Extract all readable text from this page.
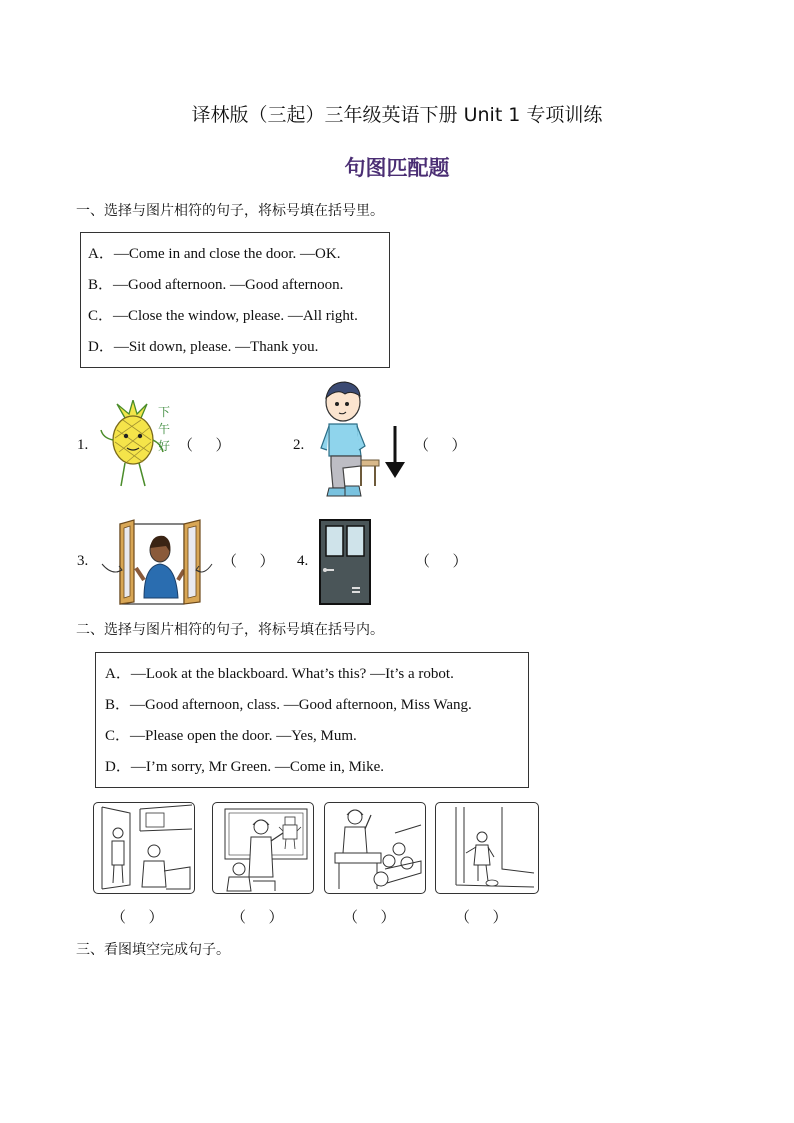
译林版（三起）三年级英语下册 Unit 1 专项训练
句图匹配题
一、选择与图片相符的句子，将标号填在括号里。
A．—Come in and close the door. —OK.
B．—Good afternoon. —Good afternoon.
C．—Close the window, please. —All right.
D．—Sit down, please. —Thank you.
1.
下
午
好 （      ）	2.	（      ）
3.	（      ） 4.	（      ）
二、选择与图片相符的句子，将标号填在括号内。
A．—Look at the blackboard. What’s this? —It’s a robot.
B．—Good afternoon, class. —Good afternoon, Miss Wang.
C．—Please open the door. —Yes, Mum.
D．—I’m sorry, Mr Green. —Come in, Mike.
（      ）	（      ）	（      ）	（      ）
三、看图填空完成句子。
